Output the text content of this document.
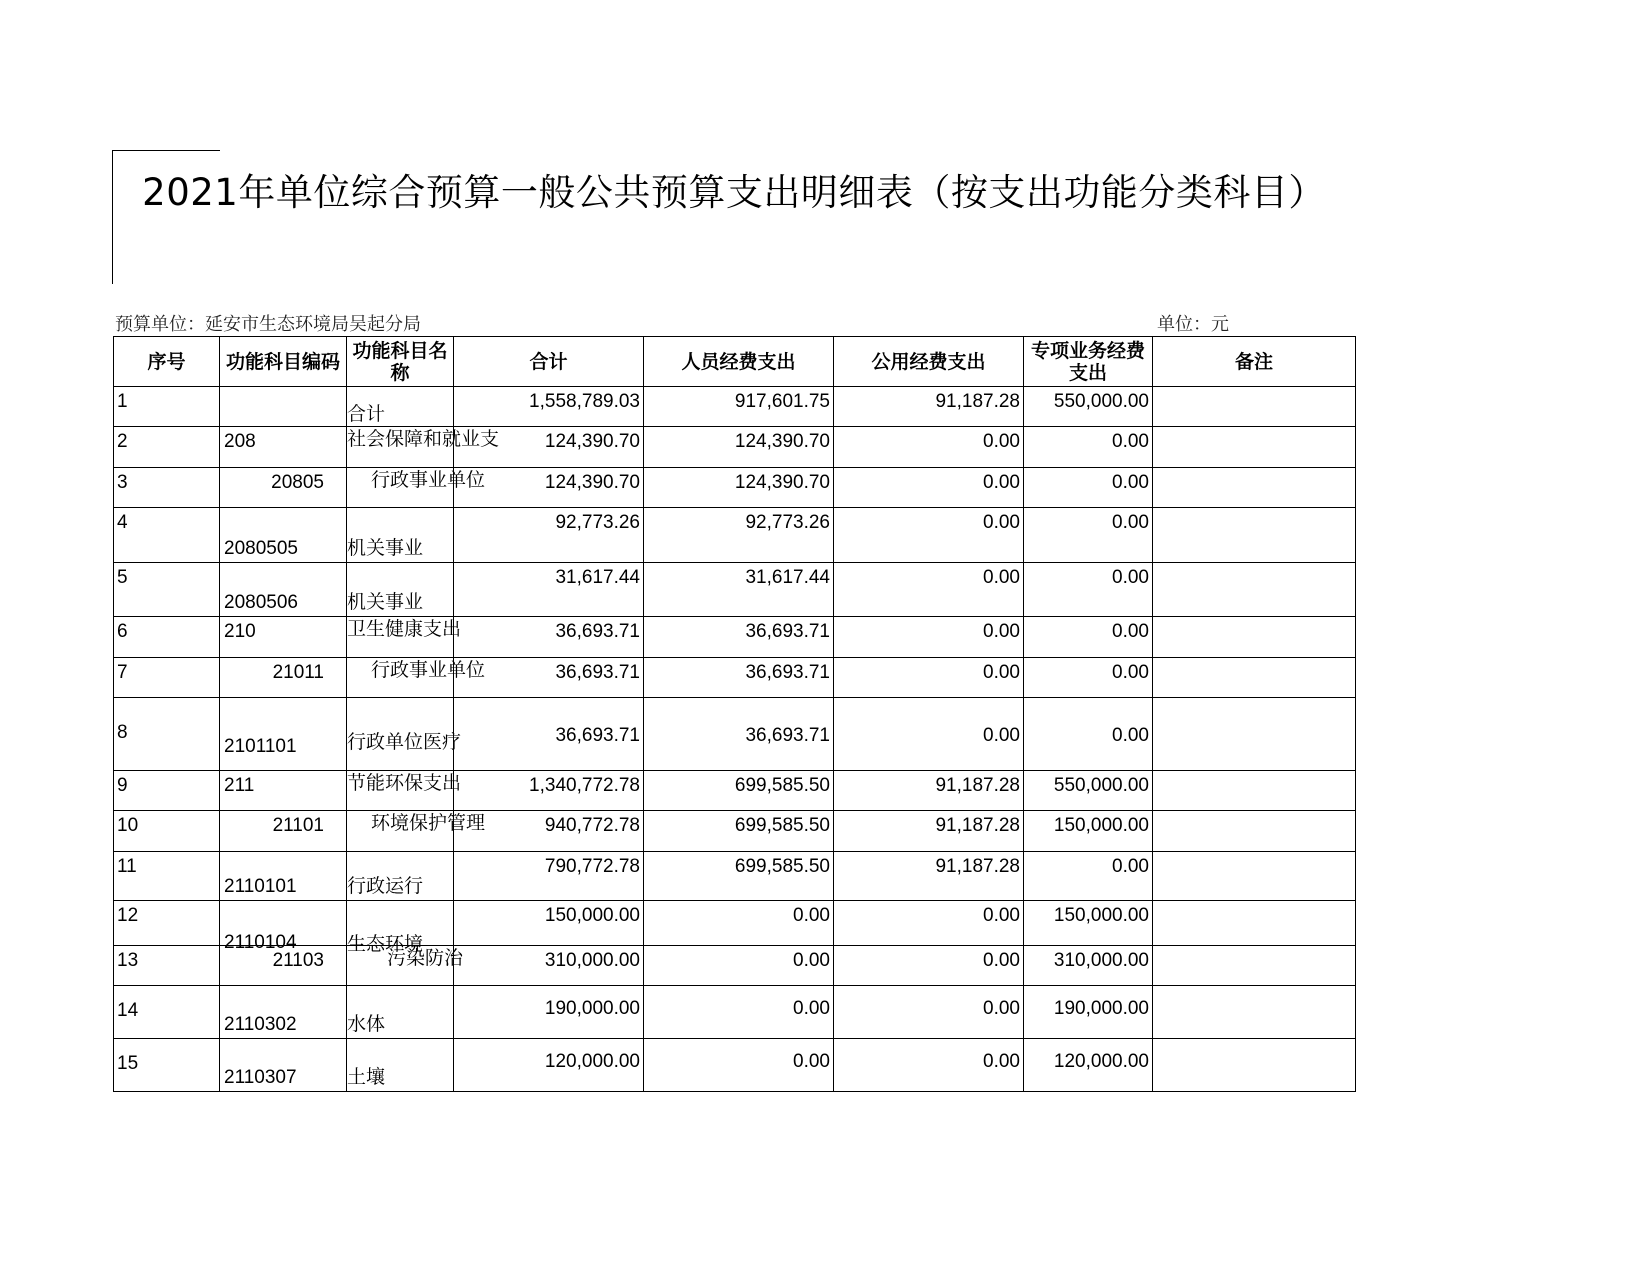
2021年单位综合预算一般公共预算支出明细表（按支出功能分类科目）
预算单位：延安市生态环境局吴起分局	单位：元
序号	功能科目编码	功能科目名称	合计	人员经费支出	公用经费支出	专项业务经费支出	备注
1		合计	1,558,789.03	917,601.75	91,187.28	550,000.00	
2	208	社会保障和就业支	124,390.70	124,390.70	0.00	0.00	
3	20805	行政事业单位	124,390.70	124,390.70	0.00	0.00	
4	2080505	机关事业	92,773.26	92,773.26	0.00	0.00	
5	2080506	机关事业	31,617.44	31,617.44	0.00	0.00	
6	210	卫生健康支出	36,693.71	36,693.71	0.00	0.00	
7	21011	行政事业单位	36,693.71	36,693.71	0.00	0.00	
8	2101101	行政单位医疗	36,693.71	36,693.71	0.00	0.00	
9	211	节能环保支出	1,340,772.78	699,585.50	91,187.28	550,000.00	
10	21101	环境保护管理	940,772.78	699,585.50	91,187.28	150,000.00	
11	2110101	行政运行	790,772.78	699,585.50	91,187.28	0.00	
12	2110104	生态环境	150,000.00	0.00	0.00	150,000.00	
13	21103	污染防治	310,000.00	0.00	0.00	310,000.00	
14	2110302	水体	190,000.00	0.00	0.00	190,000.00	
15	2110307	土壤	120,000.00	0.00	0.00	120,000.00	
